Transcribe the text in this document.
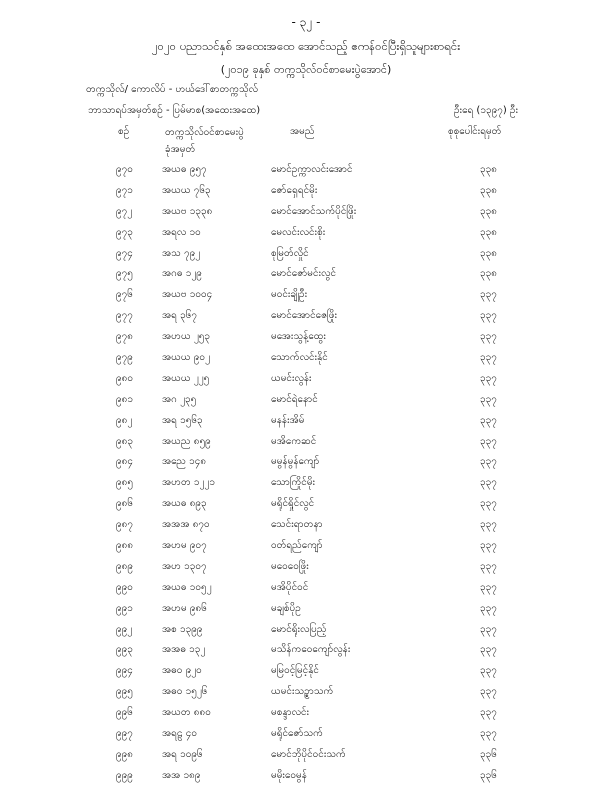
- ၃၂ -
၂၀၂၀ ပညာသင်နှစ် အထေးအထေ အောင်သည့် ဧကန်ဝင်ပြီးရှိသူများစာရင်း
(၂၀၁၉ ခုနှစ် တက္ကသိုလ်ဝင်စာမေးပွဲအောင်)
တက္ကသိုလ်/ ကောလိပ် - ဟယ်ဒေါ်စာတက္ကသိုလ်
ဘာသာရပ်အမှတ်စဉ် - ပြမ်မာစ(အထေးအထေ)	ဦးရေ (၁၃၉၇) ဦး
စဉ်	တက္ကသိုလ်ဝင်စာမေးပွဲ
ခုံအမှတ်
အမည်	စုစုပေါင်းရမှတ်
၉၇၀	အယဓ ၉၅၇	မောင်ဥက္ကာလင်းအောင်	၃၃၈
၉၇၁	အယယ ၇၆၃	ဇော်ရှေရင်မိုး	၃၃၈
၉၇၂	အယဗ ၁၃၃၈	မောင်အောင်သက်ပိုင်ဖြိုး	၃၃၈
၉၇၃	အရလ ၁၀	မေလင်းလင်းစိုး	၃၃၈
၉၇၄	အသ ၇၉၂	စုမြတ်လှိုင်	၃၃၈
၉၇၅	အဂဓ ၁၂၉	မောင်ဇော်မင်းလွင်	၃၃၈
၉၇၆	အယဗ ၁၀၀၄	မဝင်းချိုဦး	၃၃၇
၉၇၇	အရ ၃၆၇	မောင်အောင်ဇေဖြိုး	၃၃၇
၉၇၈	အဟယ ၂၅၃	မအေးသွန့်ထွေး	၃၃၇
၉၇၉	အယယ ၉၀၂	သောက်လင်းနိုင်	၃၃၇
၉၈၀	အယယ ၂၂၅	ယမင်းလွန်း	၃၃၇
၉၈၁	အဂ ၂၃၅	မောင်ရဲနောင်	၃၃၇
၉၈၂	အရ ၁၅၆၃	မနန်းအိမ်	၃၃၇
၉၈၃	အယည ၈၅၉	မအိကေဆင်	၃၃၇
၉၈၄	အညေ ၁၄၈	မမွန်မွန်ကျော်	၃၃၇
၉၈၅	အဟတ ၁၂၂၁	သောကြိုင်မိုး	၃၃၇
၉၈၆	အယဓ ၈၉၃	မရိုင်ရှိုင်လွင်	၃၃၇
၉၈၇	အအအ ၈၇၀	သေင်းရာတနာ	၃၃၇
၉၈၈	အဟမ ၉၀၇	ဝတ်ရည်ကျော်	၃၃၇
၉၈၉	အဟ ၁၃၀၇	မဝေဝေဖြိုး	၃၃၇
၉၉၀	အယဓ ၁၀၅၂	မအိပိုင်ဝင်	၃၃၇
၉၉၁	အဟမ ၉၈၆	မချစ်ပိုဥ	၃၃၇
၉၉၂	အစ ၁၃၉၉	မောင်ရိုးလပြည့်	၃၃၇
၉၉၃	အအဓ ၁၃၂	မသိန်ကဝေကျော်လွန်း	၃၃၇
၉၉၄	အဓ၀ ၉၂၀	မမြဝင့်မြင့်နိုင်	၃၃၇
၉၉၅	အဓ၀ ၁၅၂၆	ယမင်းသဥ္စာသက်	၃၃၇
၉၉၆	အယတ ၈၈၀	မစန္ဒာလင်း	၃၃၇
၉၉၇	အရဠ ၄၀	မရိုင်ဇော်သက်	၃၃၇
၉၉၈	အရ ၁၀၉၆	မောင်ဘိုပိုင်ဝင်းသက်	၃၃၆
၉၉၉	အအ ၁၈၉	မမိုးဝေမွန်	၃၃၆
